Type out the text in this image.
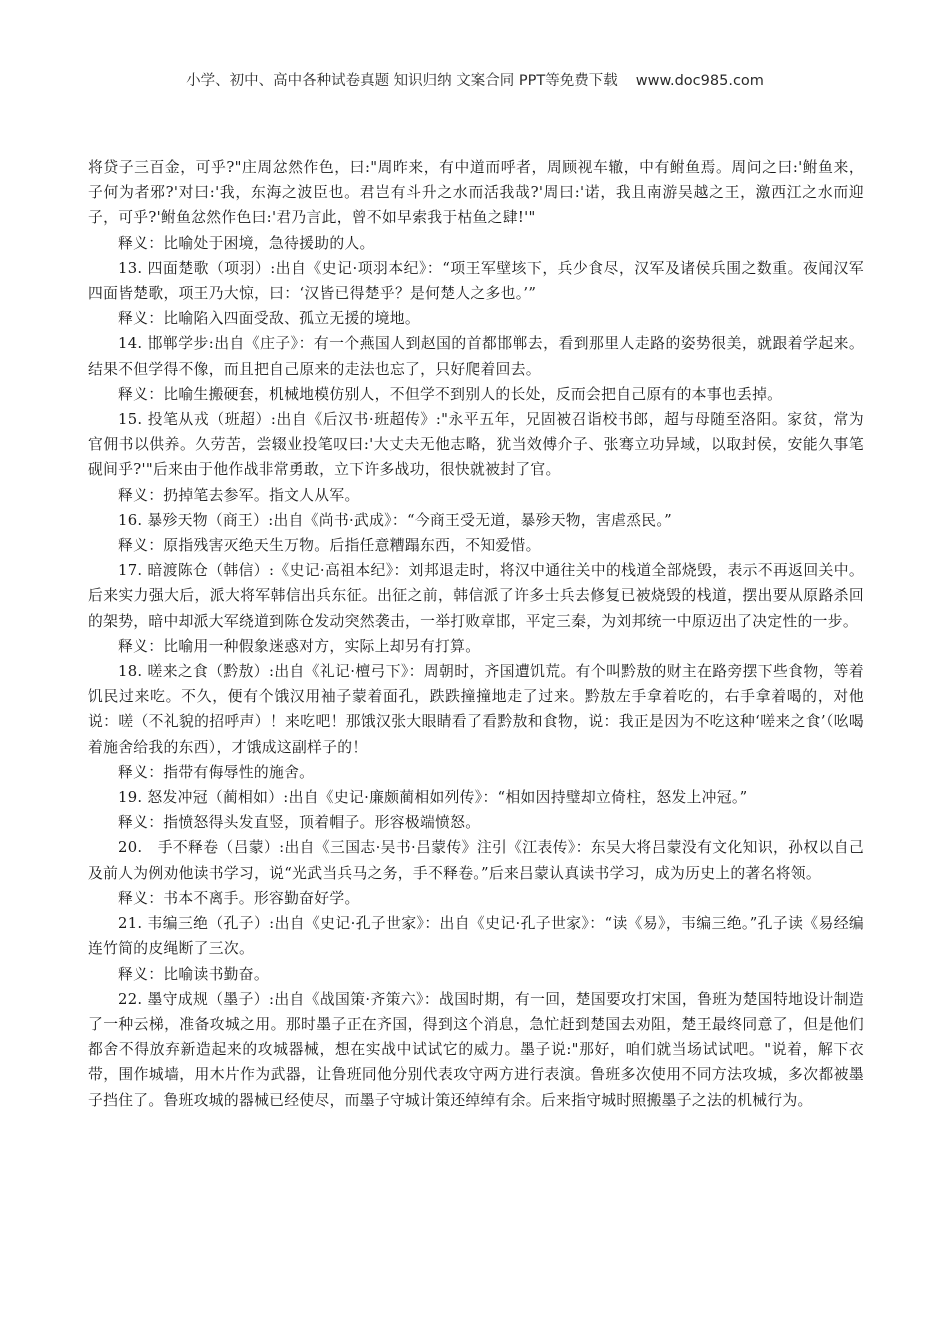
小学、初中、高中各种试卷真题 知识归纳 文案合同 PPT等免费下载 www.doc985.com

将贷子三百金，可乎?"庄周忿然作色，曰:"周昨来，有中道而呼者，周顾视车辙，中有鲋鱼焉。周问之曰:'鲋鱼来，子何为者邪?'对曰:'我，东海之波臣也。君岂有斗升之水而活我哉?'周曰:'诺，我且南游吴越之王，激西江之水而迎子，可乎?'鲋鱼忿然作色曰:'君乃言此，曾不如早索我于枯鱼之肆!'"

释义：比喻处于困境，急待援助的人。

13. 四面楚歌（项羽）:出自《史记·项羽本纪》：“项王军壁垓下，兵少食尽，汉军及诸侯兵围之数重。夜闻汉军四面皆楚歌，项王乃大惊，曰：‘汉皆已得楚乎？是何楚人之多也。’”

释义：比喻陷入四面受敌、孤立无援的境地。

14. 邯郸学步:出自《庄子》：有一个燕国人到赵国的首都邯郸去，看到那里人走路的姿势很美，就跟着学起来。结果不但学得不像，而且把自己原来的走法也忘了，只好爬着回去。

释义：比喻生搬硬套，机械地模仿别人，不但学不到别人的长处，反而会把自己原有的本事也丢掉。

15. 投笔从戎（班超）:出自《后汉书·班超传》:"永平五年，兄固被召诣校书郎，超与母随至洛阳。家贫，常为官佣书以供养。久劳苦，尝辍业投笔叹曰:'大丈夫无他志略，犹当效傅介子、张骞立功异域，以取封侯，安能久事笔砚间乎?'"后来由于他作战非常勇敢，立下许多战功，很快就被封了官。

释义：扔掉笔去参军。指文人从军。

16. 暴殄天物（商王）:出自《尚书·武成》：“今商王受无道，暴殄天物，害虐烝民。”

释义：原指残害灭绝天生万物。后指任意糟蹋东西，不知爱惜。

17. 暗渡陈仓（韩信）:《史记·高祖本纪》：刘邦退走时，将汉中通往关中的栈道全部烧毁，表示不再返回关中。后来实力强大后，派大将军韩信出兵东征。出征之前，韩信派了许多士兵去修复已被烧毁的栈道，摆出要从原路杀回的架势，暗中却派大军绕道到陈仓发动突然袭击，一举打败章邯，平定三秦，为刘邦统一中原迈出了决定性的一步。

释义：比喻用一种假象迷惑对方，实际上却另有打算。

18. 嗟来之食（黔敖）:出自《礼记·檀弓下》：周朝时，齐国遭饥荒。有个叫黔敖的财主在路旁摆下些食物，等着饥民过来吃。不久，便有个饿汉用袖子蒙着面孔，跌跌撞撞地走了过来。黔敖左手拿着吃的，右手拿着喝的，对他说：嗟（不礼貌的招呼声）！来吃吧！那饿汉张大眼睛看了看黔敖和食物，说：我正是因为不吃这种‘嗟来之食’（吆喝着施舍给我的东西），才饿成这副样子的！

释义：指带有侮辱性的施舍。

19. 怒发冲冠（蔺相如）:出自《史记·廉颇蔺相如列传》：“相如因持璧却立倚柱，怒发上冲冠。”

释义：指愤怒得头发直竖，顶着帽子。形容极端愤怒。

20.　手不释卷（吕蒙）:出自《三国志·吴书·吕蒙传》注引《江表传》：东吴大将吕蒙没有文化知识，孙权以自己及前人为例劝他读书学习，说“光武当兵马之务，手不释卷。”后来吕蒙认真读书学习，成为历史上的著名将领。

释义：书本不离手。形容勤奋好学。

21. 韦编三绝（孔子）:出自《史记·孔子世家》：出自《史记·孔子世家》：“读《易》，韦编三绝。”孔子读《易经编连竹简的皮绳断了三次。

释义：比喻读书勤奋。

22. 墨守成规（墨子）:出自《战国策·齐策六》：战国时期，有一回，楚国要攻打宋国，鲁班为楚国特地设计制造了一种云梯，准备攻城之用。那时墨子正在齐国，得到这个消息，急忙赶到楚国去劝阻，楚王最终同意了，但是他们都舍不得放弃新造起来的攻城器械，想在实战中试试它的威力。墨子说:"那好，咱们就当场试试吧。"说着，解下衣带，围作城墙，用木片作为武器，让鲁班同他分别代表攻守两方进行表演。鲁班多次使用不同方法攻城，多次都被墨子挡住了。鲁班攻城的器械已经使尽，而墨子守城计策还绰绰有余。后来指守城时照搬墨子之法的机械行为。
